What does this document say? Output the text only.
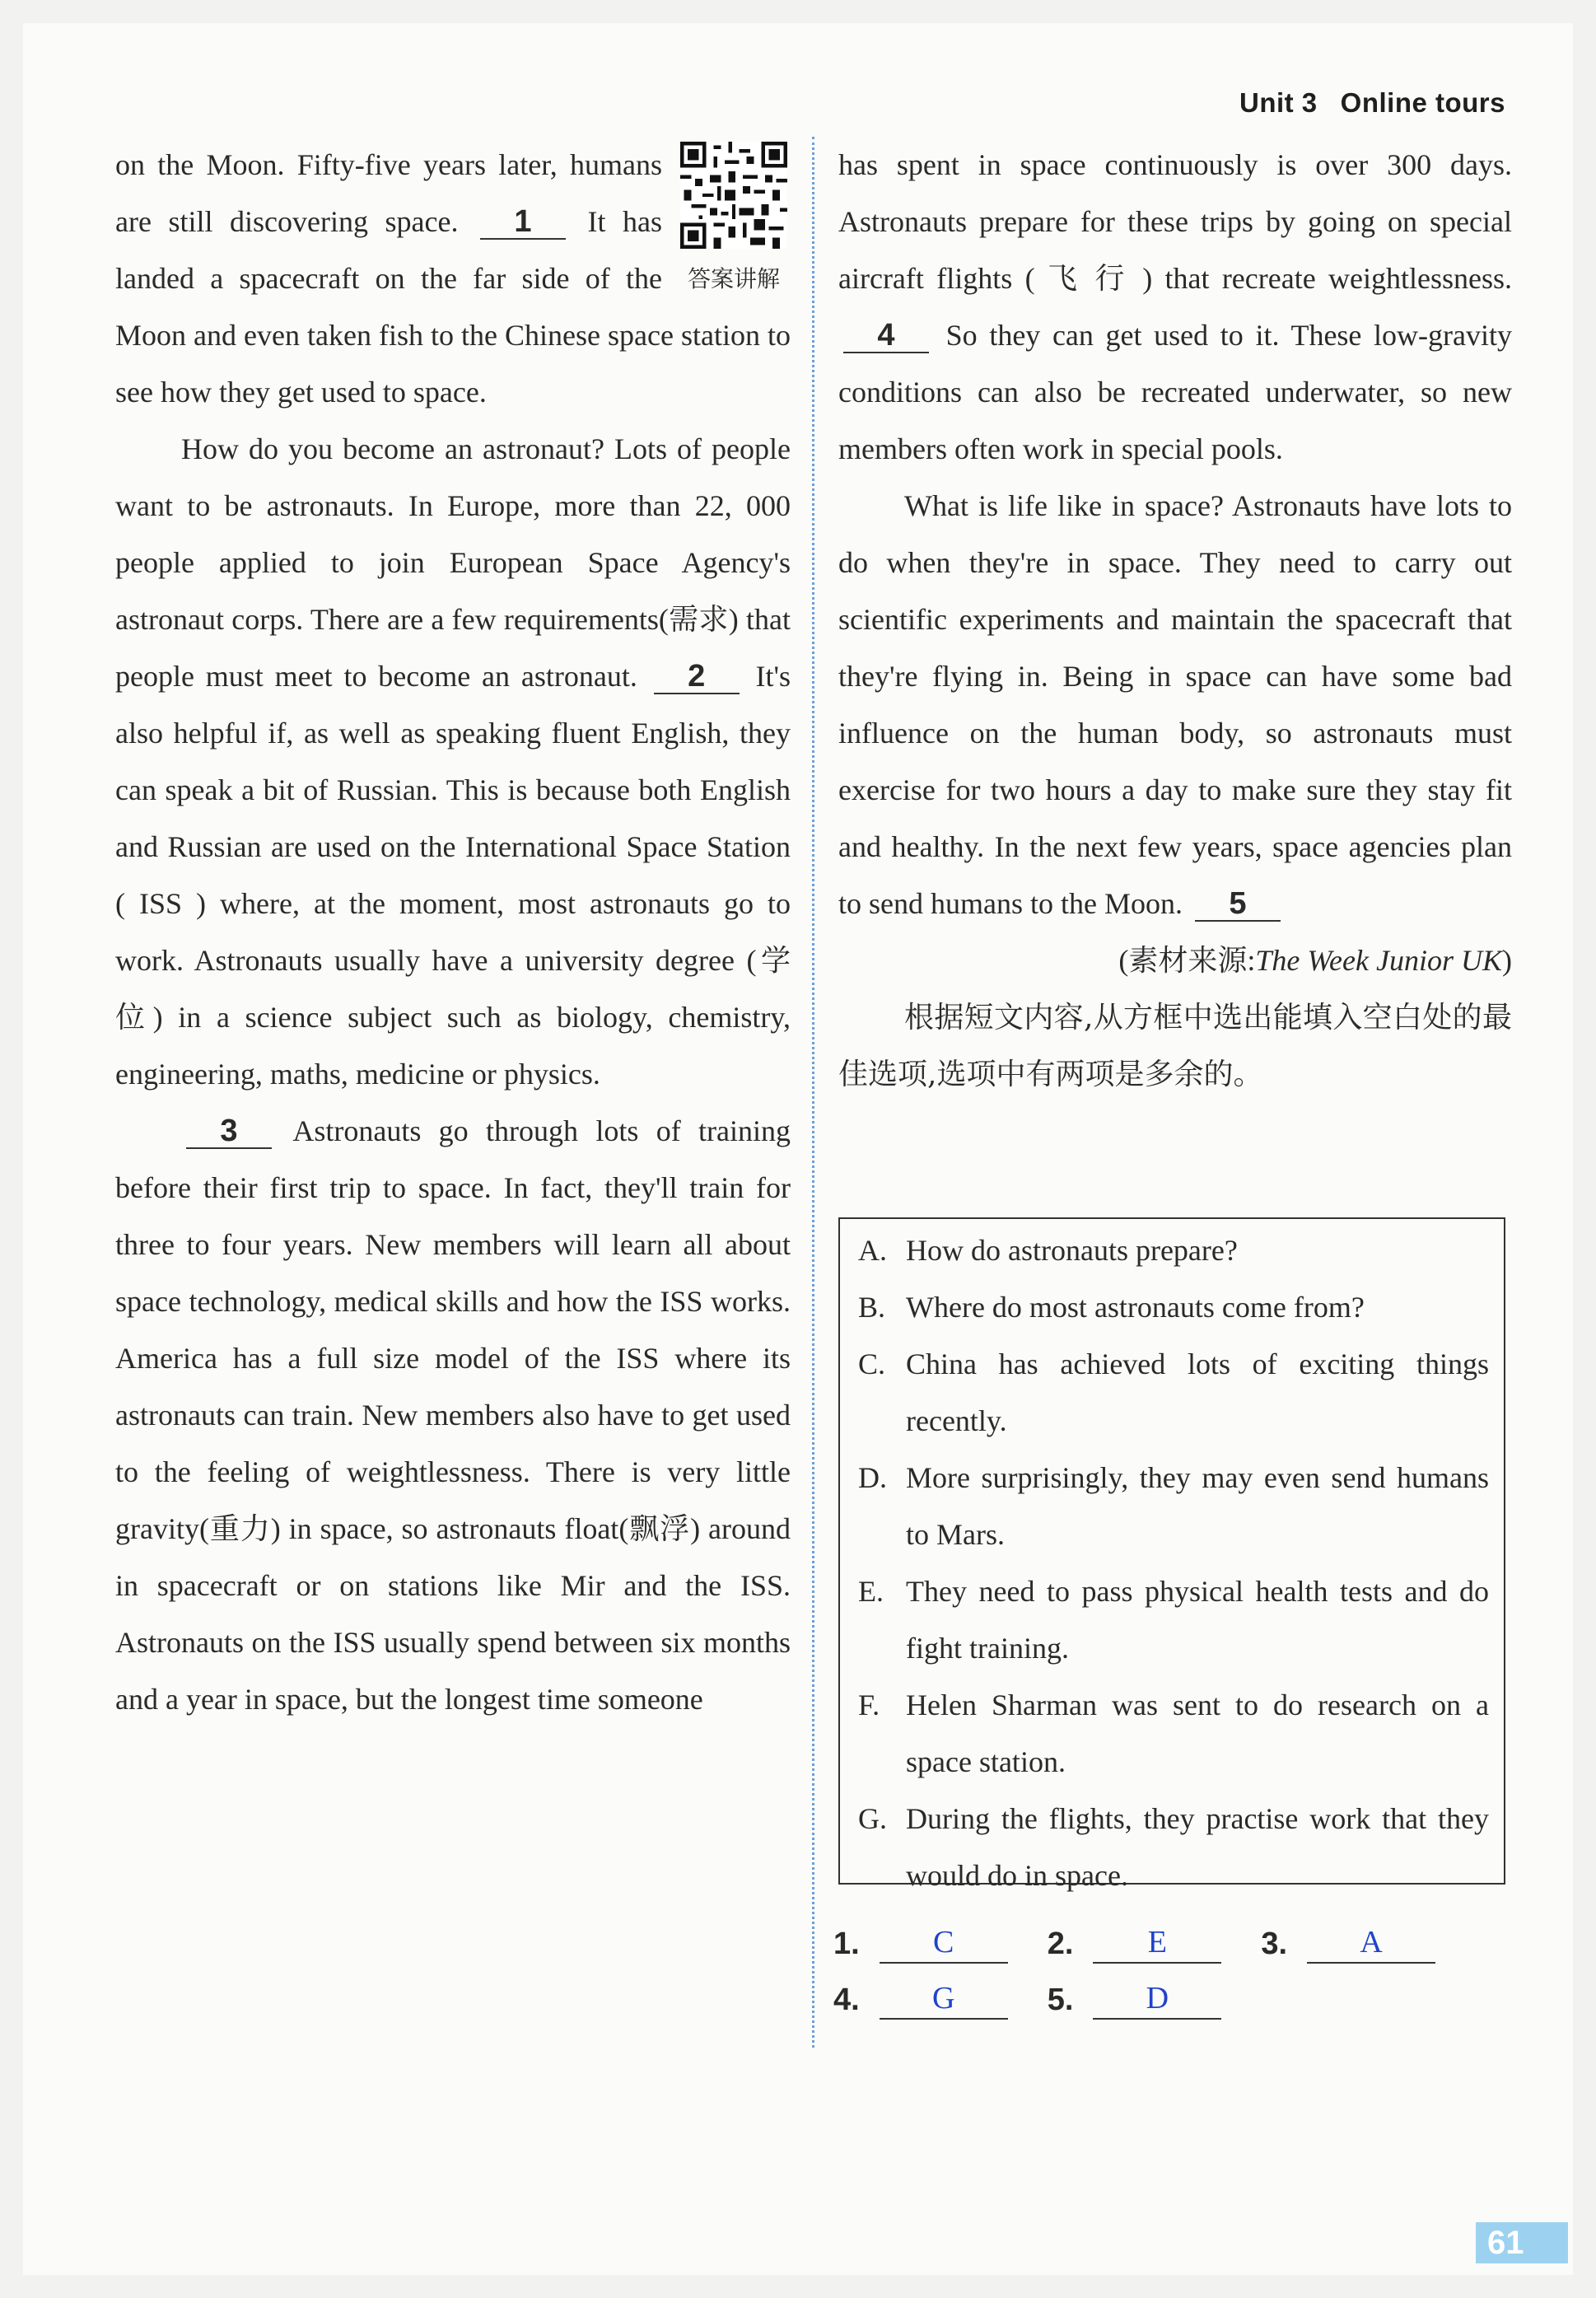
Unit 3 Online tours

答案讲解
on the Moon. Fifty-five years later, humans are still discovering space. 1 It has landed a spacecraft on the far side of the Moon and even taken fish to the Chinese space station to see how they get used to space.

How do you become an astronaut? Lots of people want to be astronauts. In Europe, more than 22, 000 people applied to join European Space Agency's astronaut corps. There are a few requirements(需求) that people must meet to become an astronaut. 2 It's also helpful if, as well as speaking fluent English, they can speak a bit of Russian. This is because both English and Russian are used on the International Space Station ( ISS ) where, at the moment, most astronauts go to work. Astronauts usually have a university degree (学位) in a science subject such as biology, chemistry, engineering, maths, medicine or physics.

3 Astronauts go through lots of training before their first trip to space. In fact, they'll train for three to four years. New members will learn all about space technology, medical skills and how the ISS works. America has a full size model of the ISS where its astronauts can train. New members also have to get used to the feeling of weightlessness. There is very little gravity(重力) in space, so astronauts float(飘浮) around in spacecraft or on stations like Mir and the ISS. Astronauts on the ISS usually spend between six months and a year in space, but the longest time someone

has spent in space continuously is over 300 days. Astronauts prepare for these trips by going on special aircraft flights ( 飞 行 ) that recreate weightlessness. 4 So they can get used to it. These low-gravity conditions can also be recreated underwater, so new members often work in special pools.

What is life like in space? Astronauts have lots to do when they're in space. They need to carry out scientific experiments and maintain the spacecraft that they're flying in. Being in space can have some bad influence on the human body, so astronauts must exercise for two hours a day to make sure they stay fit and healthy. In the next few years, space agencies plan to send humans to the Moon. 5

(素材来源:The Week Junior UK)

根据短文内容,从方框中选出能填入空白处的最佳选项,选项中有两项是多余的。

A. How do astronauts prepare?
B. Where do most astronauts come from?
C. China has achieved lots of exciting things recently.
D. More surprisingly, they may even send humans to Mars.
E. They need to pass physical health tests and do fight training.
F. Helen Sharman was sent to do research on a space station.
G. During the flights, they practise work that they would do in space.
1.	C	2.	E	3.	A
4.	G	5.	D
61
